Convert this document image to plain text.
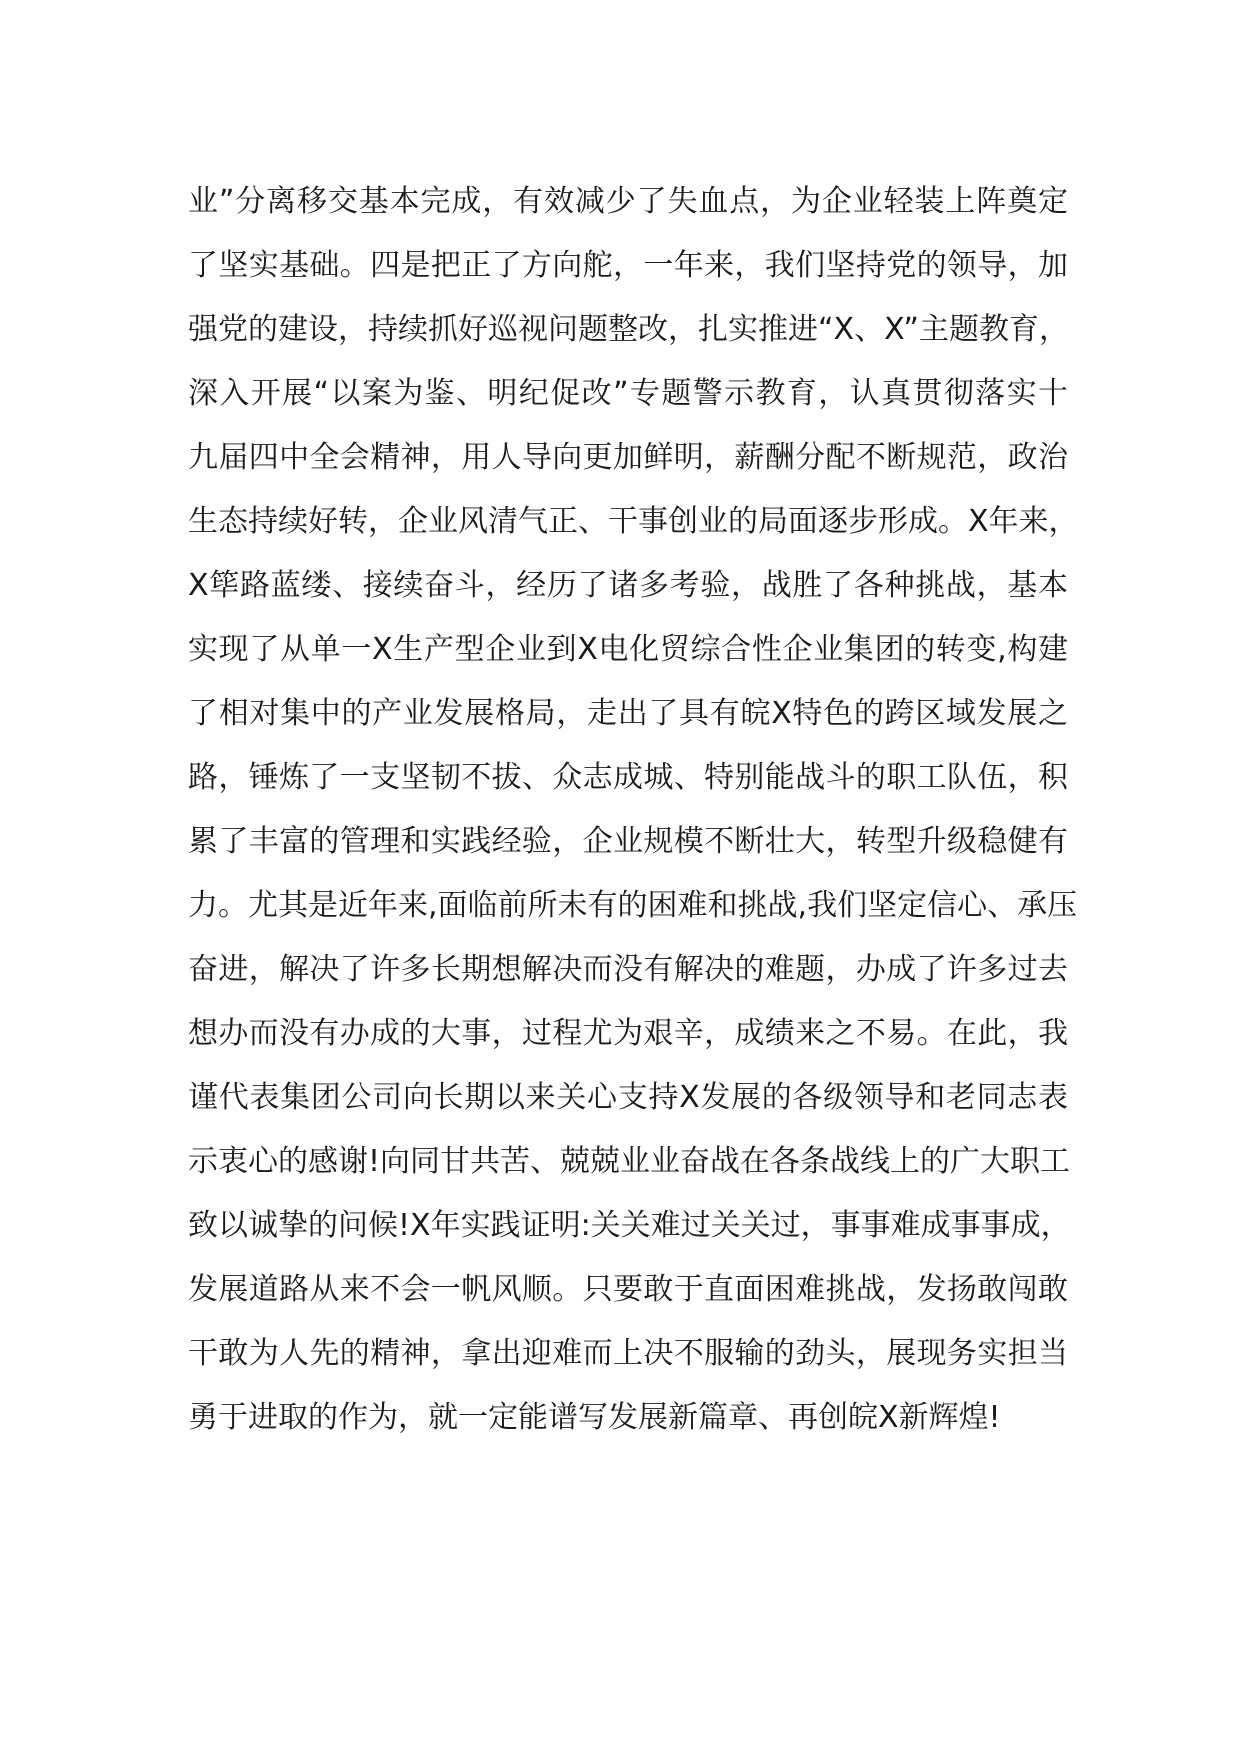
业”分离移交基本完成，有效减少了失血点，为企业轻装上阵奠定
了坚实基础。四是把正了方向舵，一年来，我们坚持党的领导，加
强党的建设，持续抓好巡视问题整改，扎实推进“X、X”主题教育，
深入开展“以案为鉴、明纪促改”专题警示教育，认真贯彻落实十
九届四中全会精神，用人导向更加鲜明，薪酬分配不断规范，政治
生态持续好转，企业风清气正、干事创业的局面逐步形成。X年来，
X筚路蓝缕、接续奋斗，经历了诸多考验，战胜了各种挑战，基本
实现了从单一X生产型企业到X电化贸综合性企业集团的转变,构建
了相对集中的产业发展格局，走出了具有皖X特色的跨区域发展之
路，锤炼了一支坚韧不拔、众志成城、特别能战斗的职工队伍，积
累了丰富的管理和实践经验，企业规模不断壮大，转型升级稳健有
力。尤其是近年来,面临前所未有的困难和挑战,我们坚定信心、承压
奋进，解决了许多长期想解决而没有解决的难题，办成了许多过去
想办而没有办成的大事，过程尤为艰辛，成绩来之不易。在此，我
谨代表集团公司向长期以来关心支持X发展的各级领导和老同志表
示衷心的感谢!向同甘共苦、兢兢业业奋战在各条战线上的广大职工
致以诚挚的问候!X年实践证明:关关难过关关过，事事难成事事成，
发展道路从来不会一帆风顺。只要敢于直面困难挑战，发扬敢闯敢
干敢为人先的精神，拿出迎难而上决不服输的劲头，展现务实担当
勇于进取的作为，就一定能谱写发展新篇章、再创皖X新辉煌!
